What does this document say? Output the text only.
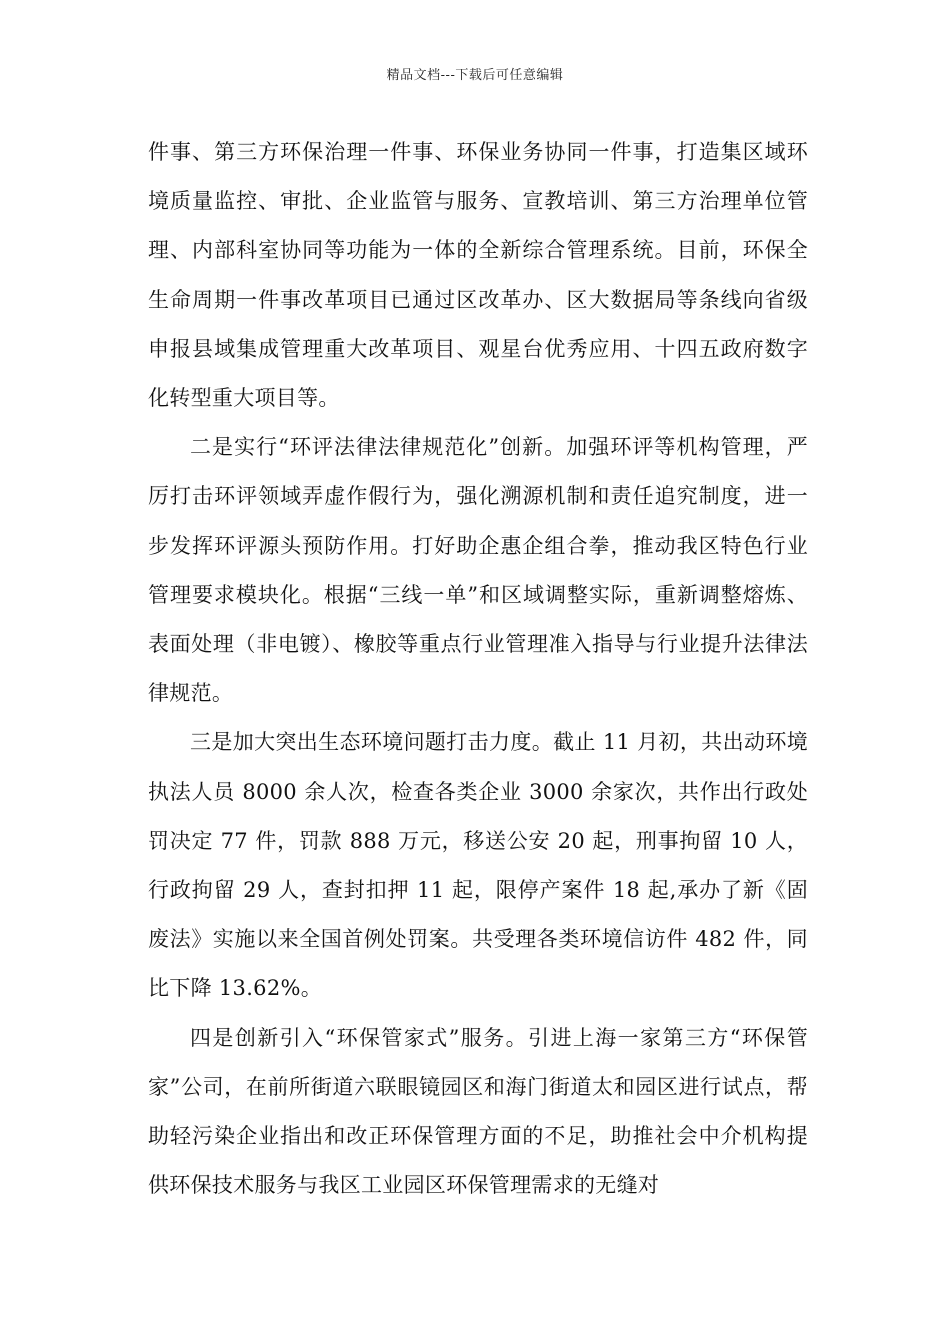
精品文档---下载后可任意编辑

件事、第三方环保治理一件事、环保业务协同一件事，打造集区域环境质量监控、审批、企业监管与服务、宣教培训、第三方治理单位管理、内部科室协同等功能为一体的全新综合管理系统。目前，环保全生命周期一件事改革项目已通过区改革办、区大数据局等条线向省级申报县域集成管理重大改革项目、观星台优秀应用、十四五政府数字化转型重大项目等。

二是实行“环评法律法律规范化”创新。加强环评等机构管理，严厉打击环评领域弄虚作假行为，强化溯源机制和责任追究制度，进一步发挥环评源头预防作用。打好助企惠企组合拳，推动我区特色行业管理要求模块化。根据“三线一单”和区域调整实际，重新调整熔炼、表面处理（非电镀）、橡胶等重点行业管理准入指导与行业提升法律法律规范。

三是加大突出生态环境问题打击力度。截止 11 月初，共出动环境执法人员 8000 余人次，检查各类企业 3000 余家次，共作出行政处罚决定 77 件，罚款 888 万元，移送公安 20 起，刑事拘留 10 人，行政拘留 29 人，查封扣押 11 起，限停产案件 18 起,承办了新《固废法》实施以来全国首例处罚案。共受理各类环境信访件 482 件，同比下降 13.62%。

四是创新引入“环保管家式”服务。引进上海一家第三方“环保管家”公司，在前所街道六联眼镜园区和海门街道太和园区进行试点，帮助轻污染企业指出和改正环保管理方面的不足，助推社会中介机构提供环保技术服务与我区工业园区环保管理需求的无缝对
